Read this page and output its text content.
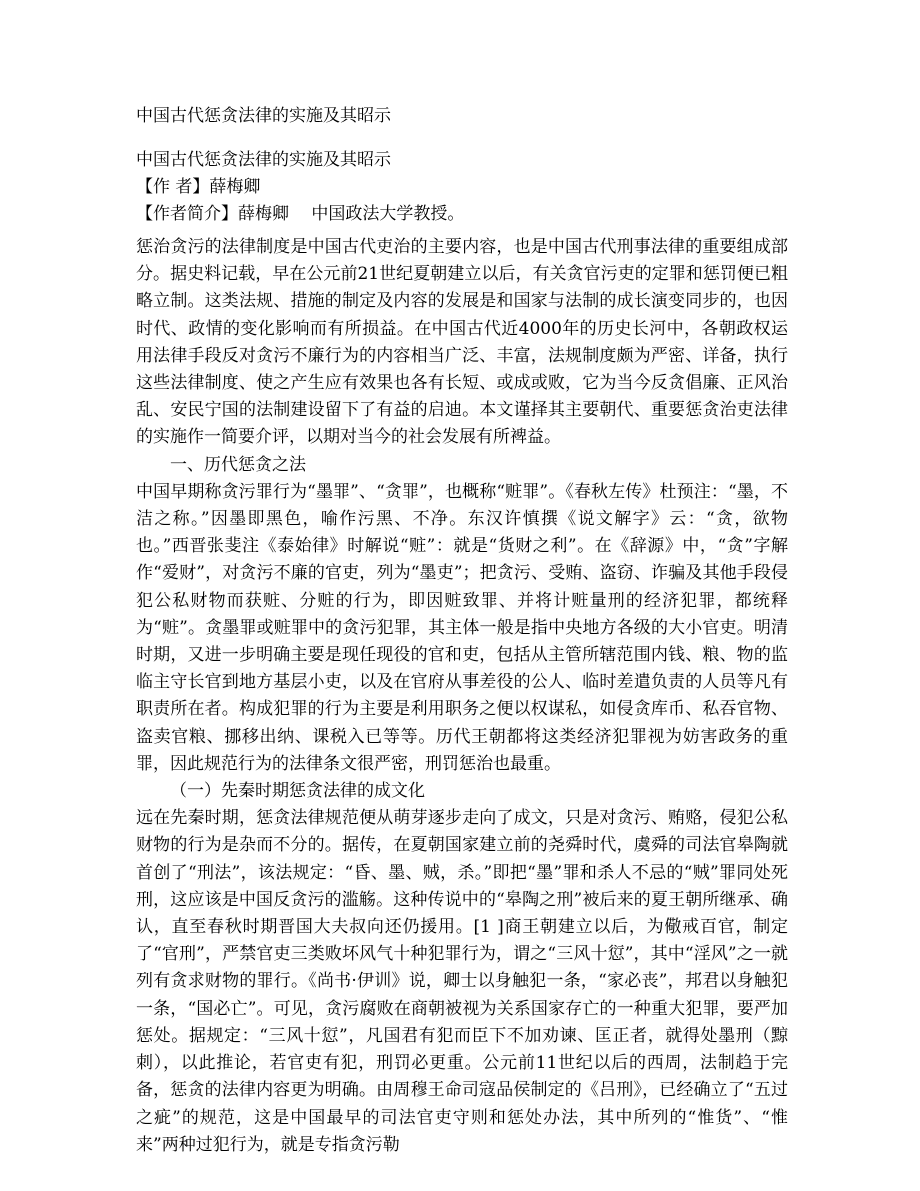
中国古代惩贪法律的实施及其昭示
中国古代惩贪法律的实施及其昭示
【作 者】薛梅卿
【作者简介】薛梅卿　 中国政法大学教授。

惩治贪污的法律制度是中国古代吏治的主要内容，也是中国古代刑事法律的重要组成部分。据史料记载，早在公元前21世纪夏朝建立以后，有关贪官污吏的定罪和惩罚便已粗略立制。这类法规、措施的制定及内容的发展是和国家与法制的成长演变同步的，也因时代、政情的变化影响而有所损益。在中国古代近4000年的历史长河中，各朝政权运用法律手段反对贪污不廉行为的内容相当广泛、丰富，法规制度颇为严密、详备，执行这些法律制度、使之产生应有效果也各有长短、或成或败，它为当今反贪倡廉、正风治乱、安民宁国的法制建设留下了有益的启迪。本文谨择其主要朝代、重要惩贪治吏法律的实施作一简要介评，以期对当今的社会发展有所裨益。

一、历代惩贪之法

中国早期称贪污罪行为“墨罪”、“贪罪”，也概称“赃罪”。《春秋左传》杜预注：“墨，不洁之称。”因墨即黑色，喻作污黑、不净。东汉许慎撰《说文解字》云：“贪，欲物也。”西晋张斐注《泰始律》时解说“赃”：就是“货财之利”。在《辞源》中，“贪”字解作“爱财”，对贪污不廉的官吏，列为“墨吏”；把贪污、受贿、盗窃、诈骗及其他手段侵犯公私财物而获赃、分赃的行为，即因赃致罪、并将计赃量刑的经济犯罪，都统释为“赃”。贪墨罪或赃罪中的贪污犯罪，其主体一般是指中央地方各级的大小官吏。明清时期，又进一步明确主要是现任现役的官和吏，包括从主管所辖范围内钱、粮、物的监临主守长官到地方基层小吏，以及在官府从事差役的公人、临时差遣负责的人员等凡有职责所在者。构成犯罪的行为主要是利用职务之便以权谋私，如侵贪库币、私吞官物、盗卖官粮、挪移出纳、课税入已等等。历代王朝都将这类经济犯罪视为妨害政务的重罪，因此规范行为的法律条文很严密，刑罚惩治也最重。

（一）先秦时期惩贪法律的成文化

远在先秦时期，惩贪法律规范便从萌芽逐步走向了成文，只是对贪污、贿赂，侵犯公私财物的行为是杂而不分的。据传，在夏朝国家建立前的尧舜时代，虞舜的司法官皋陶就首创了“刑法”，该法规定：“昏、墨、贼，杀。”即把“墨”罪和杀人不忌的“贼”罪同处死刑，这应该是中国反贪污的滥觞。这种传说中的“皋陶之刑”被后来的夏王朝所继承、确认，直至春秋时期晋国大夫叔向还仍援用。[1 ]商王朝建立以后，为儆戒百官，制定了“官刑”，严禁官吏三类败坏风气十种犯罪行为，谓之“三风十愆”，其中“淫风”之一就列有贪求财物的罪行。《尚书·伊训》说，卿士以身触犯一条，“家必丧”，邦君以身触犯一条，“国必亡”。可见，贪污腐败在商朝被视为关系国家存亡的一种重大犯罪，要严加惩处。据规定：“三风十愆”，凡国君有犯而臣下不加劝谏、匡正者，就得处墨刑（黥刺），以此推论，若官吏有犯，刑罚必更重。公元前11世纪以后的西周，法制趋于完备，惩贪的法律内容更为明确。由周穆王命司寇品侯制定的《吕刑》，已经确立了“五过之疵”的规范，这是中国最早的司法官吏守则和惩处办法，其中所列的“惟货”、“惟来”两种过犯行为，就是专指贪污勒
